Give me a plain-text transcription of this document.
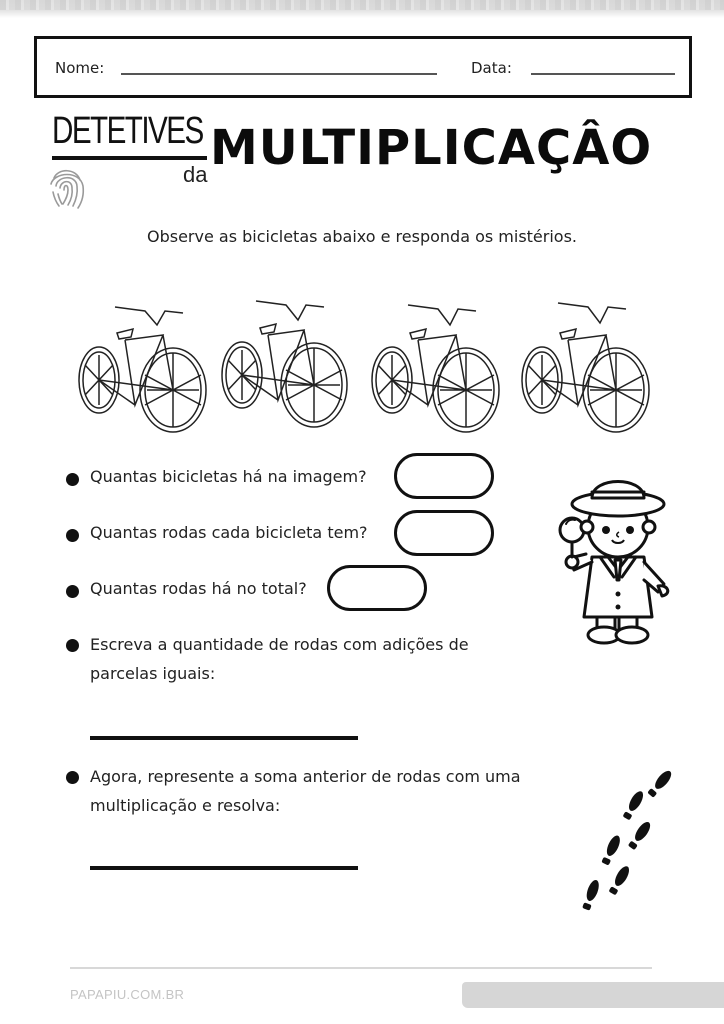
Nome:	Data:
DETETIVES
da MULTIPLICAÇÂO
Observe as bicicletas abaixo e responda os mistérios.
Quantas bicicletas há na imagem?
Quantas rodas cada bicicleta tem?
Quantas rodas há no total?
Escreva a quantidade de rodas com adições de
parcelas iguais:
Agora, represente a soma anterior de rodas com uma
multiplicação e resolva:
PAPAPIU.COM.BR
